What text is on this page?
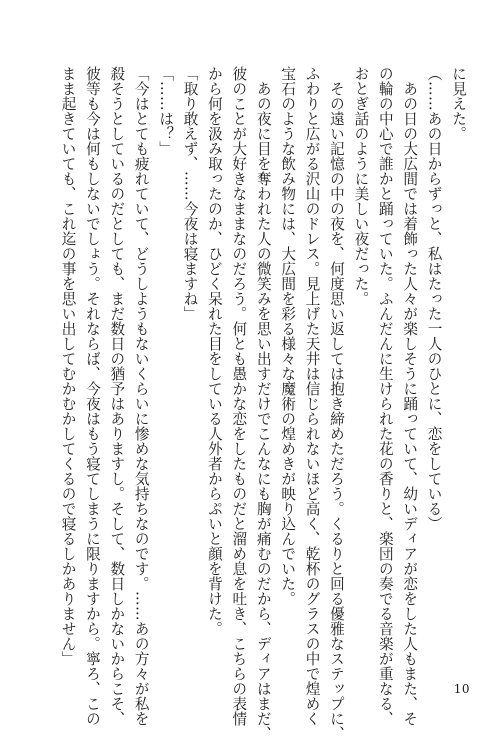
に見えた。
（……あの日からずっと、私はたった一人のひとに、恋をしている）
　あの日の大広間では着飾った人々が楽しそうに踊っていて、幼いディアが恋をした人もまた、そ
の輪の中心で誰かと踊っていた。ふんだんに生けられた花の香りと、楽団の奏でる音楽が重なる、
おとぎ話のように美しい夜だった。
　その遠い記憶の中の夜を、何度思い返しては抱き締めただろう。くるりと回る優雅なステップに、
ふわりと広がる沢山のドレス。見上げた天井は信じられないほど高く、乾杯のグラスの中で煌めく
宝石のような飲み物には、大広間を彩る様々な魔術の煌めきが映り込んでいた。
　あの夜に目を奪われた人の微笑みを思い出すだけでこんなにも胸が痛むのだから、ディアはまだ、
彼のことが大好きなままなのだろう。何とも愚かな恋をしたものだと溜め息を吐き、こちらの表情
から何を汲み取ったのか、ひどく呆れた目をしている人外者からぷいと顔を背けた。
「取り敢えず、……今夜は寝ますね」
「……は？」
「今はとても疲れていて、どうしようもないくらいに惨めな気持ちなのです。……あの方々が私を
殺そうとしているのだとしても、まだ数日の猶予はありますし。そして、数日しかないからこそ、
彼等も今は何もしないでしょう。それならば、今夜はもう寝てしまうに限りますから。寧ろ、この
まま起きていても、これ迄の事を思い出してむかむかしてくるので寝るしかありません」
10
